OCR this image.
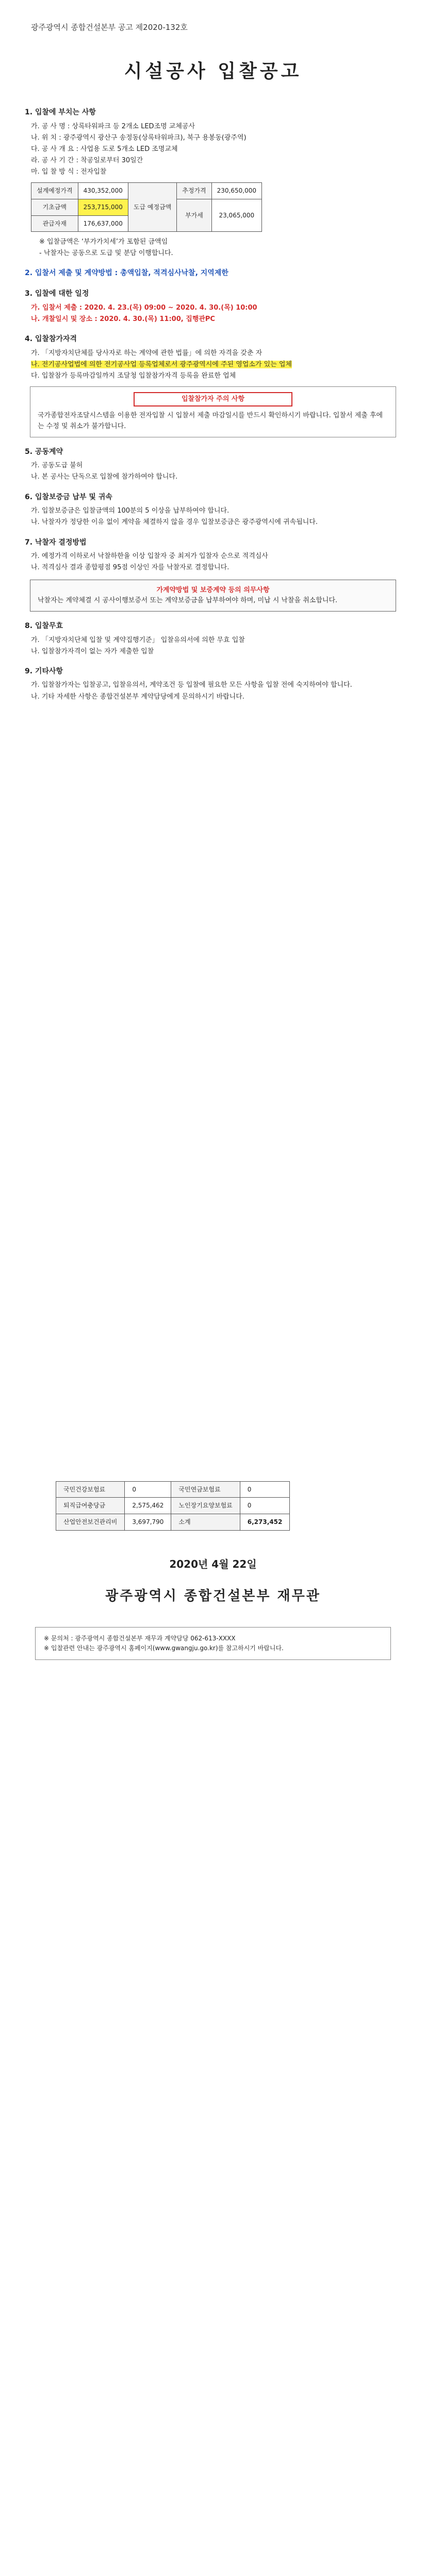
광주광역시 종합건설본부 공고 제2020-132호
시설공사 입찰공고
1. 입찰에 부치는 사항
가. 공 사 명 : 상록타워파크 등 2개소 LED조명 교체공사
나. 위 치 : 광주광역시 광산구 송정동(상록타워파크), 북구 용봉동(광주역)
다. 공 사 개 요 : 사업용 도로 5개소 LED 조명교체
라. 공 사 기 간 : 착공일로부터 30일간
마. 입 찰 방 식 : 전자입찰
설계예정가격	430,352,000	도급 예정금액	추정가격	230,650,000
기초금액	253,715,000		부가세	23,065,000
관급자재	176,637,000			
※ 입찰금액은 ‘부가가치세’가 포함된 금액임
- 낙찰자는 공동으로 도급 및 분담 이행합니다.
2. 입찰서 제출 및 계약방법 : 총액입찰, 적격심사낙찰, 지역제한
3. 입찰에 대한 일정
가. 입찰서 제출 : 2020. 4. 23.(목) 09:00 ~ 2020. 4. 30.(목) 10:00
나. 개찰일시 및 장소 : 2020. 4. 30.(목) 11:00, 집행관PC
4. 입찰참가자격
가. 「지방자치단체를 당사자로 하는 계약에 관한 법률」에 의한 자격을 갖춘 자
나. 전기공사업법에 의한 전기공사업 등록업체로서 광주광역시에 주된 영업소가 있는 업체
다. 입찰참가 등록마감일까지 조달청 입찰참가자격 등록을 완료한 업체
입찰참가자 주의 사항
국가종합전자조달시스템을 이용한 전자입찰 시 입찰서 제출 마감일시를 반드시 확인하시기 바랍니다. 입찰서 제출 후에는 수정 및 취소가 불가합니다.
5. 공동계약
가. 공동도급 불허
나. 본 공사는 단독으로 입찰에 참가하여야 합니다.
6. 입찰보증금 납부 및 귀속
가. 입찰보증금은 입찰금액의 100분의 5 이상을 납부하여야 합니다.
나. 낙찰자가 정당한 이유 없이 계약을 체결하지 않을 경우 입찰보증금은 광주광역시에 귀속됩니다.
7. 낙찰자 결정방법
가. 예정가격 이하로서 낙찰하한율 이상 입찰자 중 최저가 입찰자 순으로 적격심사
나. 적격심사 결과 종합평점 95점 이상인 자를 낙찰자로 결정합니다.
가계약방법 및 보증계약 등의 의무사항
낙찰자는 계약체결 시 공사이행보증서 또는 계약보증금을 납부하여야 하며, 미납 시 낙찰을 취소합니다.
8. 입찰무효
가. 「지방자치단체 입찰 및 계약집행기준」 입찰유의서에 의한 무효 입찰
나. 입찰참가자격이 없는 자가 제출한 입찰
9. 기타사항
가. 입찰참가자는 입찰공고, 입찰유의서, 계약조건 등 입찰에 필요한 모든 사항을 입찰 전에 숙지하여야 합니다.
나. 기타 자세한 사항은 종합건설본부 계약담당에게 문의하시기 바랍니다.
국민건강보험료	0	국민연금보험료	0
퇴직급여충당금	2,575,462	노인장기요양보험료	0
산업안전보건관리비	3,697,790	소계	6,273,452
2020년 4월 22일
광주광역시 종합건설본부 재무관
※ 문의처 : 광주광역시 종합건설본부 재무과 계약담당 062-613-XXXX
※ 입찰관련 안내는 광주광역시 홈페이지(www.gwangju.go.kr)를 참고하시기 바랍니다.
